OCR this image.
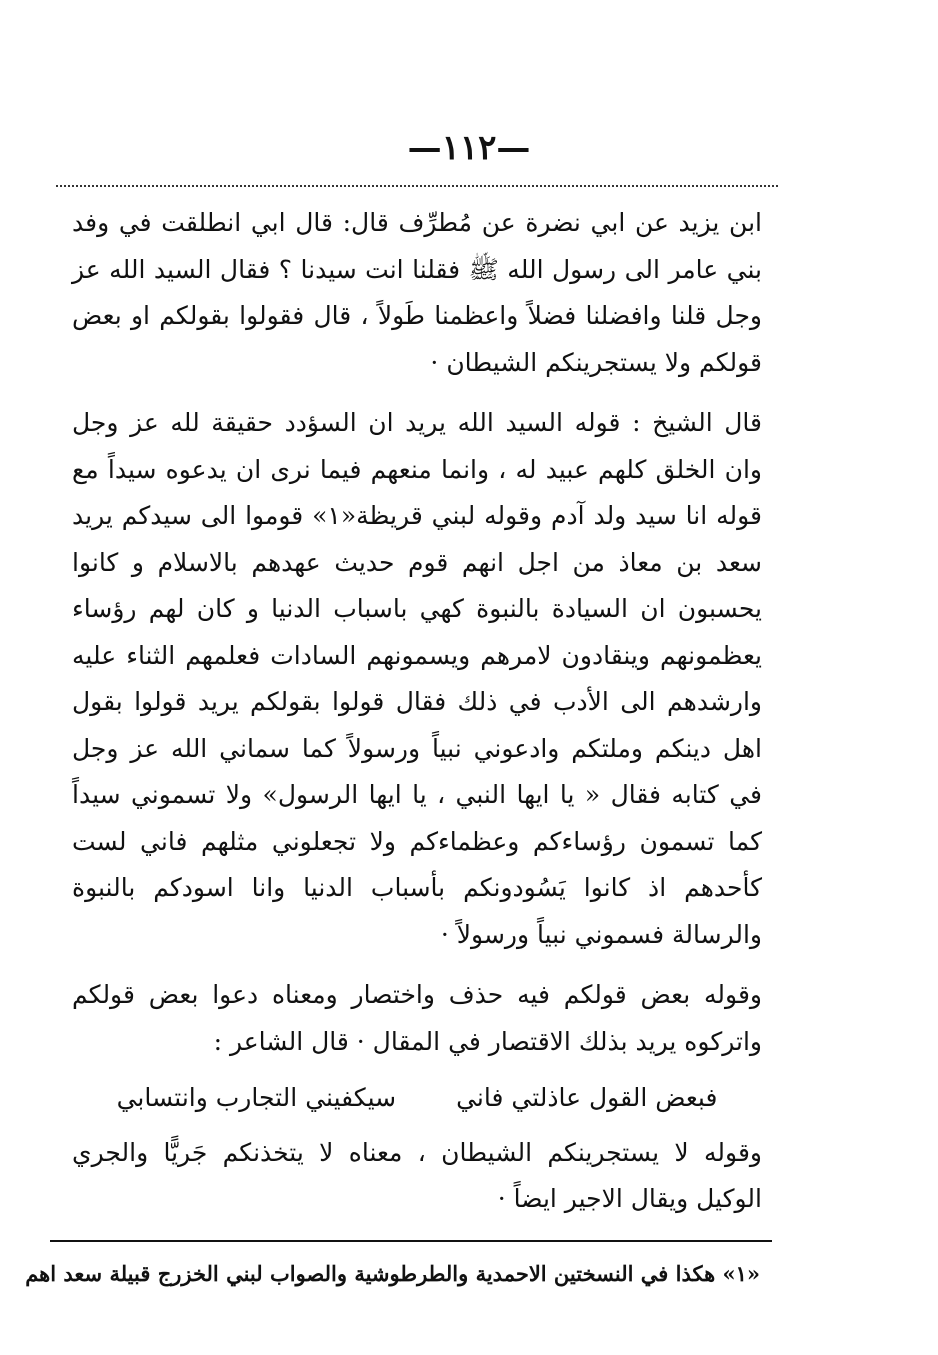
—١١٢—

ابن يزيد عن ابي نضرة عن مُطرِّف قال: قال ابي انطلقت في وفد بني عامر الى رسول الله ﷺ فقلنا انت سيدنا ؟ فقال السيد الله عز وجل قلنا وافضلنا فضلاً واعظمنا طَولاً ، قال فقولوا بقولكم او بعض قولكم ولا يستجرينكم الشيطان ·

قال الشيخ : قوله السيد الله يريد ان السؤدد حقيقة لله عز وجل وان الخلق كلهم عبيد له ، وانما منعهم فيما نرى ان يدعوه سيداً مع قوله انا سيد ولد آدم وقوله لبني قريظة«١» قوموا الى سيدكم يريد سعد بن معاذ من اجل انهم قوم حديث عهدهم بالاسلام و كانوا يحسبون ان السيادة بالنبوة كهي باسباب الدنيا و كان لهم رؤساء يعظمونهم وينقادون لامرهم ويسمونهم السادات فعلمهم الثناء عليه وارشدهم الى الأدب في ذلك فقال قولوا بقولكم يريد قولوا بقول اهل دينكم وملتكم وادعوني نبياً ورسولاً كما سماني الله عز وجل في كتابه فقال « يا ايها النبي ، يا ايها الرسول» ولا تسموني سيداً كما تسمون رؤساءكم وعظماءكم ولا تجعلوني مثلهم فاني لست كأحدهم اذ كانوا يَسُودونكم بأسباب الدنيا وانا اسودكم بالنبوة والرسالة فسموني نبياً ورسولاً ·

وقوله بعض قولكم فيه حذف واختصار ومعناه دعوا بعض قولكم واتركوه يريد بذلك الاقتصار في المقال · قال الشاعر :

فبعض القول عاذلتي فاني
سيكفيني التجارب وانتسابي

وقوله لا يستجرينكم الشيطان ، معناه لا يتخذنكم جَريًّا والجري الوكيل ويقال الاجير ايضاً ·

«١» هكذا في النسختين الاحمدية والطرطوشية والصواب لبني الخزرج قبيلة سعد اهم
